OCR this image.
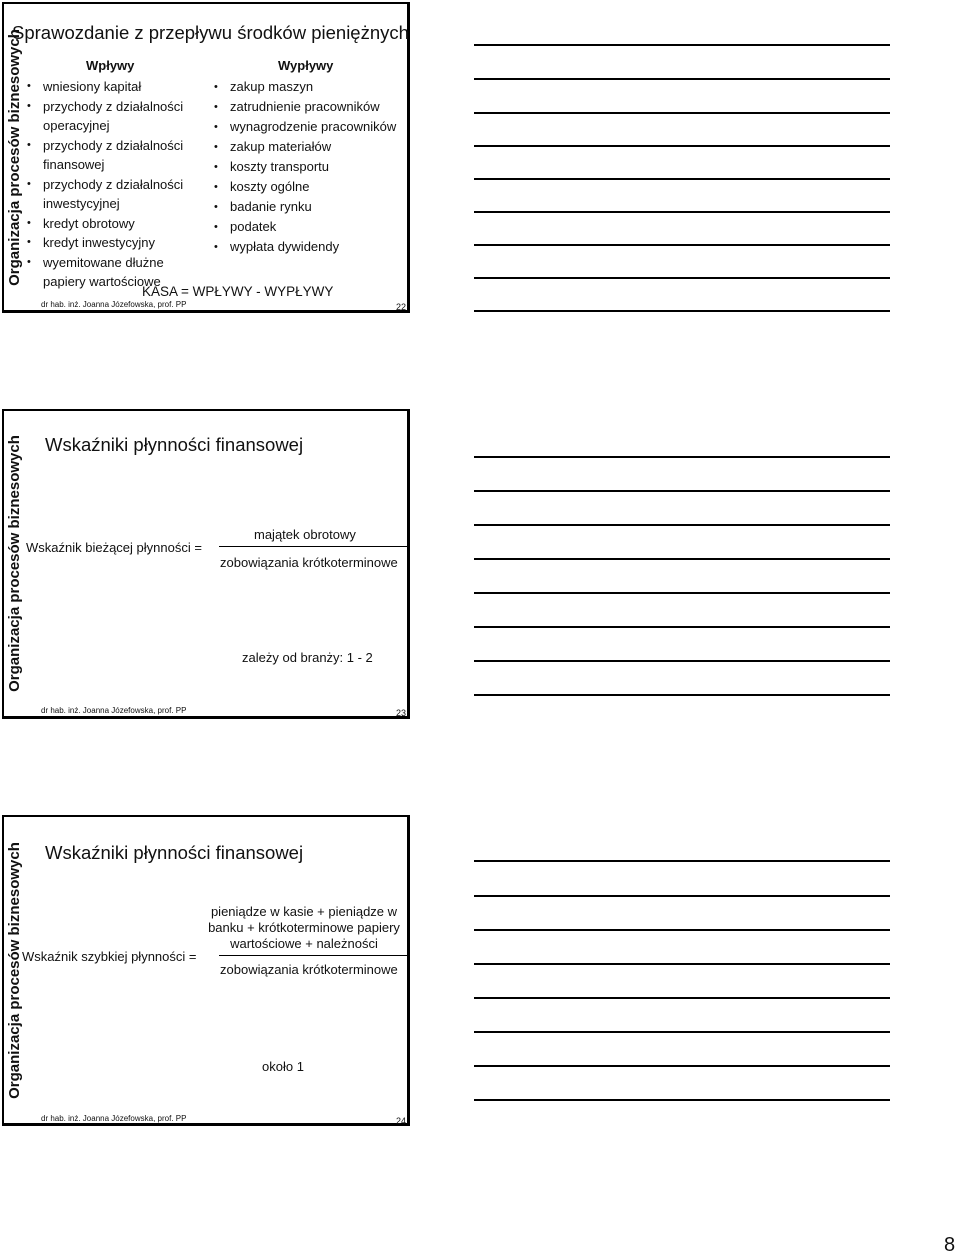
Organizacja procesów biznesowych
Sprawozdanie z przepływu środków pieniężnych
Wpływy
• wniesiony kapitał
• przychody z działalności operacyjnej
• przychody z działalności finansowej
• przychody z działalności inwestycyjnej
• kredyt obrotowy
• kredyt inwestycyjny
• wyemitowane dłużne papiery wartościowe
Wypływy
• zakup maszyn
• zatrudnienie pracowników
• wynagrodzenie pracowników
• zakup materiałów
• koszty transportu
• koszty ogólne
• badanie rynku
• podatek
• wypłata dywidendy
KASA = WPŁYWY - WYPŁYWY
dr hab. inż. Joanna Józefowska, prof. PP	22
Organizacja procesów biznesowych Wskaźniki płynności finansowej
Wskaźnik bieżącej płynności =
majątek obrotowy
zobowiązania krótkoterminowe
zależy od branży: 1 - 2
dr hab. inż. Joanna Józefowska, prof. PP	23
Organizacja procesów biznesowych Wskaźniki płynności finansowej
Wskaźnik szybkiej płynności =
pieniądze w kasie + pieniądze w
banku + krótkoterminowe papiery
wartościowe + należności
zobowiązania krótkoterminowe
około 1
dr hab. inż. Joanna Józefowska, prof. PP	24
8
